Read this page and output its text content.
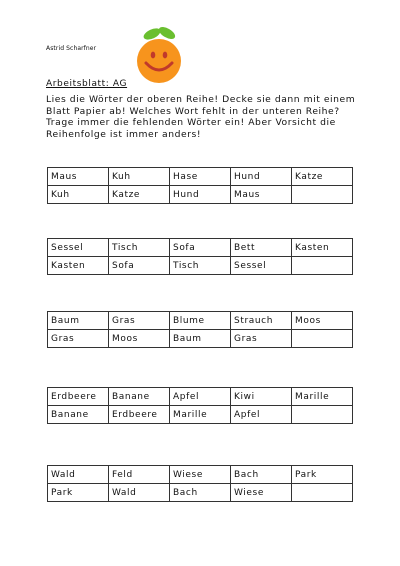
Astrid Scharfner
Arbeitsblatt: AG
Lies die Wörter der oberen Reihe! Decke sie dann mit einem
Blatt Papier ab! Welches Wort fehlt in der unteren Reihe?
Trage immer die fehlenden Wörter ein! Aber Vorsicht die
Reihenfolge ist immer anders!
Maus	Kuh	Hase	Hund	Katze
Kuh	Katze	Hund	Maus	
Sessel	Tisch	Sofa	Bett	Kasten
Kasten	Sofa	Tisch	Sessel	
Baum	Gras	Blume	Strauch	Moos
Gras	Moos	Baum	Gras	
Erdbeere	Banane	Apfel	Kiwi	Marille
Banane	Erdbeere	Marille	Apfel	
Wald	Feld	Wiese	Bach	Park
Park	Wald	Bach	Wiese	
